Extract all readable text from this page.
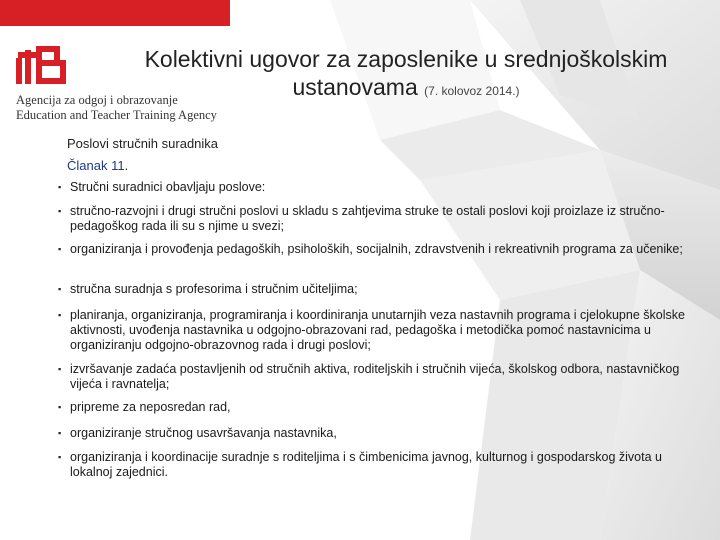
Agencija za odgoj i obrazovanje
Education and Teacher Training Agency
Kolektivni ugovor za zaposlenike u srednjoškolskim
ustanovama (7. kolovoz 2014.)
Poslovi stručnih suradnika
Članak 11.
▪ Stručni suradnici obavljaju poslove:
▪ stručno-razvojni i drugi stručni poslovi u skladu s zahtjevima struke te ostali poslovi koji proizlaze iz stručno-pedagoškog rada ili su s njime u svezi;
▪ organiziranja i provođenja pedagoških, psiholoških, socijalnih, zdravstvenih i rekreativnih programa za učenike;
▪ stručna suradnja s profesorima i stručnim učiteljima;
▪ planiranja, organiziranja, programiranja i koordiniranja unutarnjih veza nastavnih programa i cjelokupne školske aktivnosti, uvođenja nastavnika u odgojno-obrazovani rad, pedagoška i metodička pomoć nastavnicima u organiziranju odgojno-obrazovnog rada i drugi poslovi;
▪ izvršavanje zadaća postavljenih od stručnih aktiva, roditeljskih i stručnih vijeća, školskog odbora, nastavničkog vijeća i ravnatelja;
▪ pripreme za neposredan rad,
▪ organiziranje stručnog usavršavanja nastavnika,
▪ organiziranja i koordinacije suradnje s roditeljima i s čimbenicima javnog, kulturnog i gospodarskog života u lokalnoj zajednici.
